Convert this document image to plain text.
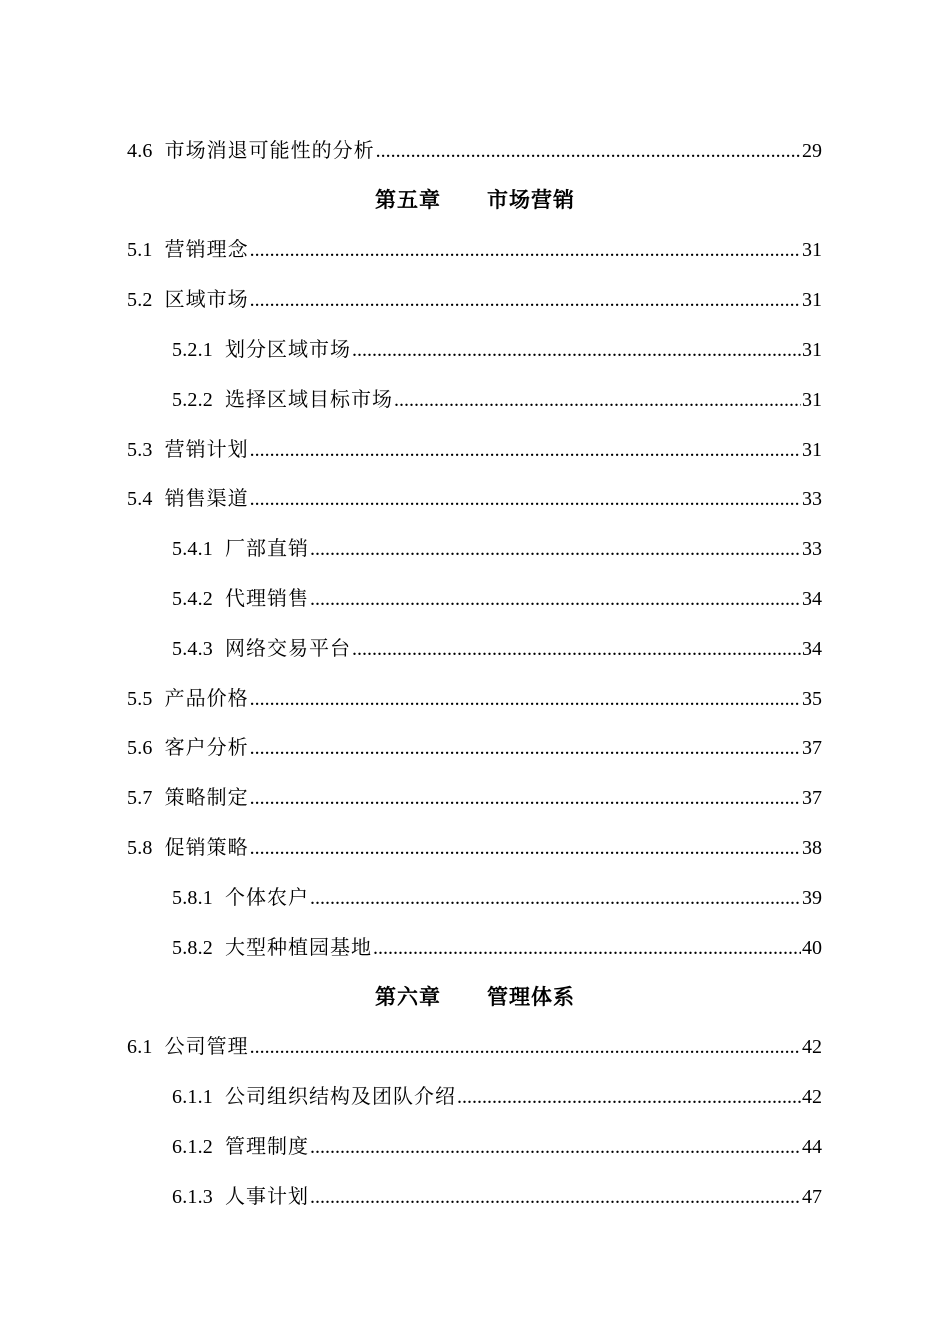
4.6 市场消退可能性的分析 .....	29
第五章 市场营销
5.1 营销理念 .....	31
5.2 区域市场 .....	31
5.2.1 划分区域市场 .....	31
5.2.2 选择区域目标市场 .....	31
5.3 营销计划 .....	31
5.4 销售渠道 .....	33
5.4.1 厂部直销 .....	33
5.4.2 代理销售 .....	34
5.4.3 网络交易平台 .....	34
5.5 产品价格 .....	35
5.6 客户分析 .....	37
5.7 策略制定 .....	37
5.8 促销策略 .....	38
5.8.1 个体农户 .....	39
5.8.2 大型种植园基地 .....	40
第六章 管理体系
6.1 公司管理 .....	42
6.1.1 公司组织结构及团队介绍 .....	42
6.1.2 管理制度 .....	44
6.1.3 人事计划 .....	47
